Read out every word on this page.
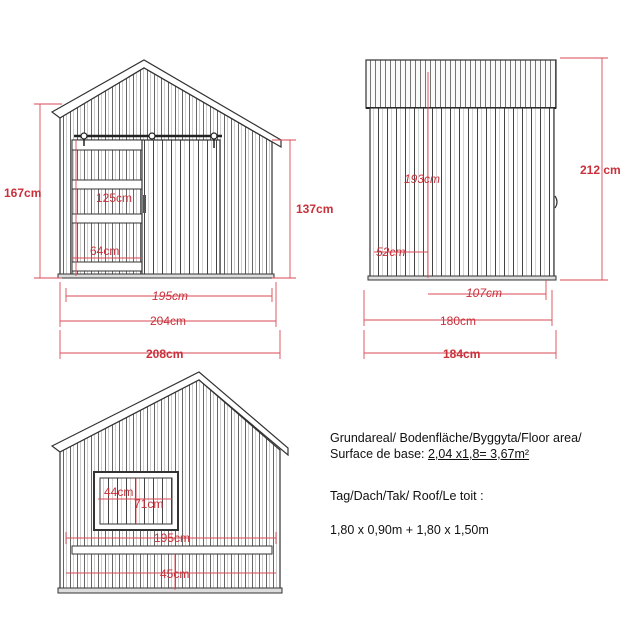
167cm
137cm
125cm
64cm
195cm
204cm
208cm
212 cm
193cm
52cm
107cm
180cm
184cm
44cm
71cm
195cm
45cm

Grundareal/ Bodenfläche/Byggyta/Floor area/

Surface de base: 2,04 x1,8= 3,67m²

Tag/Dach/Tak/ Roof/Le toit :

1,80 x 0,90m + 1,80 x 1,50m
